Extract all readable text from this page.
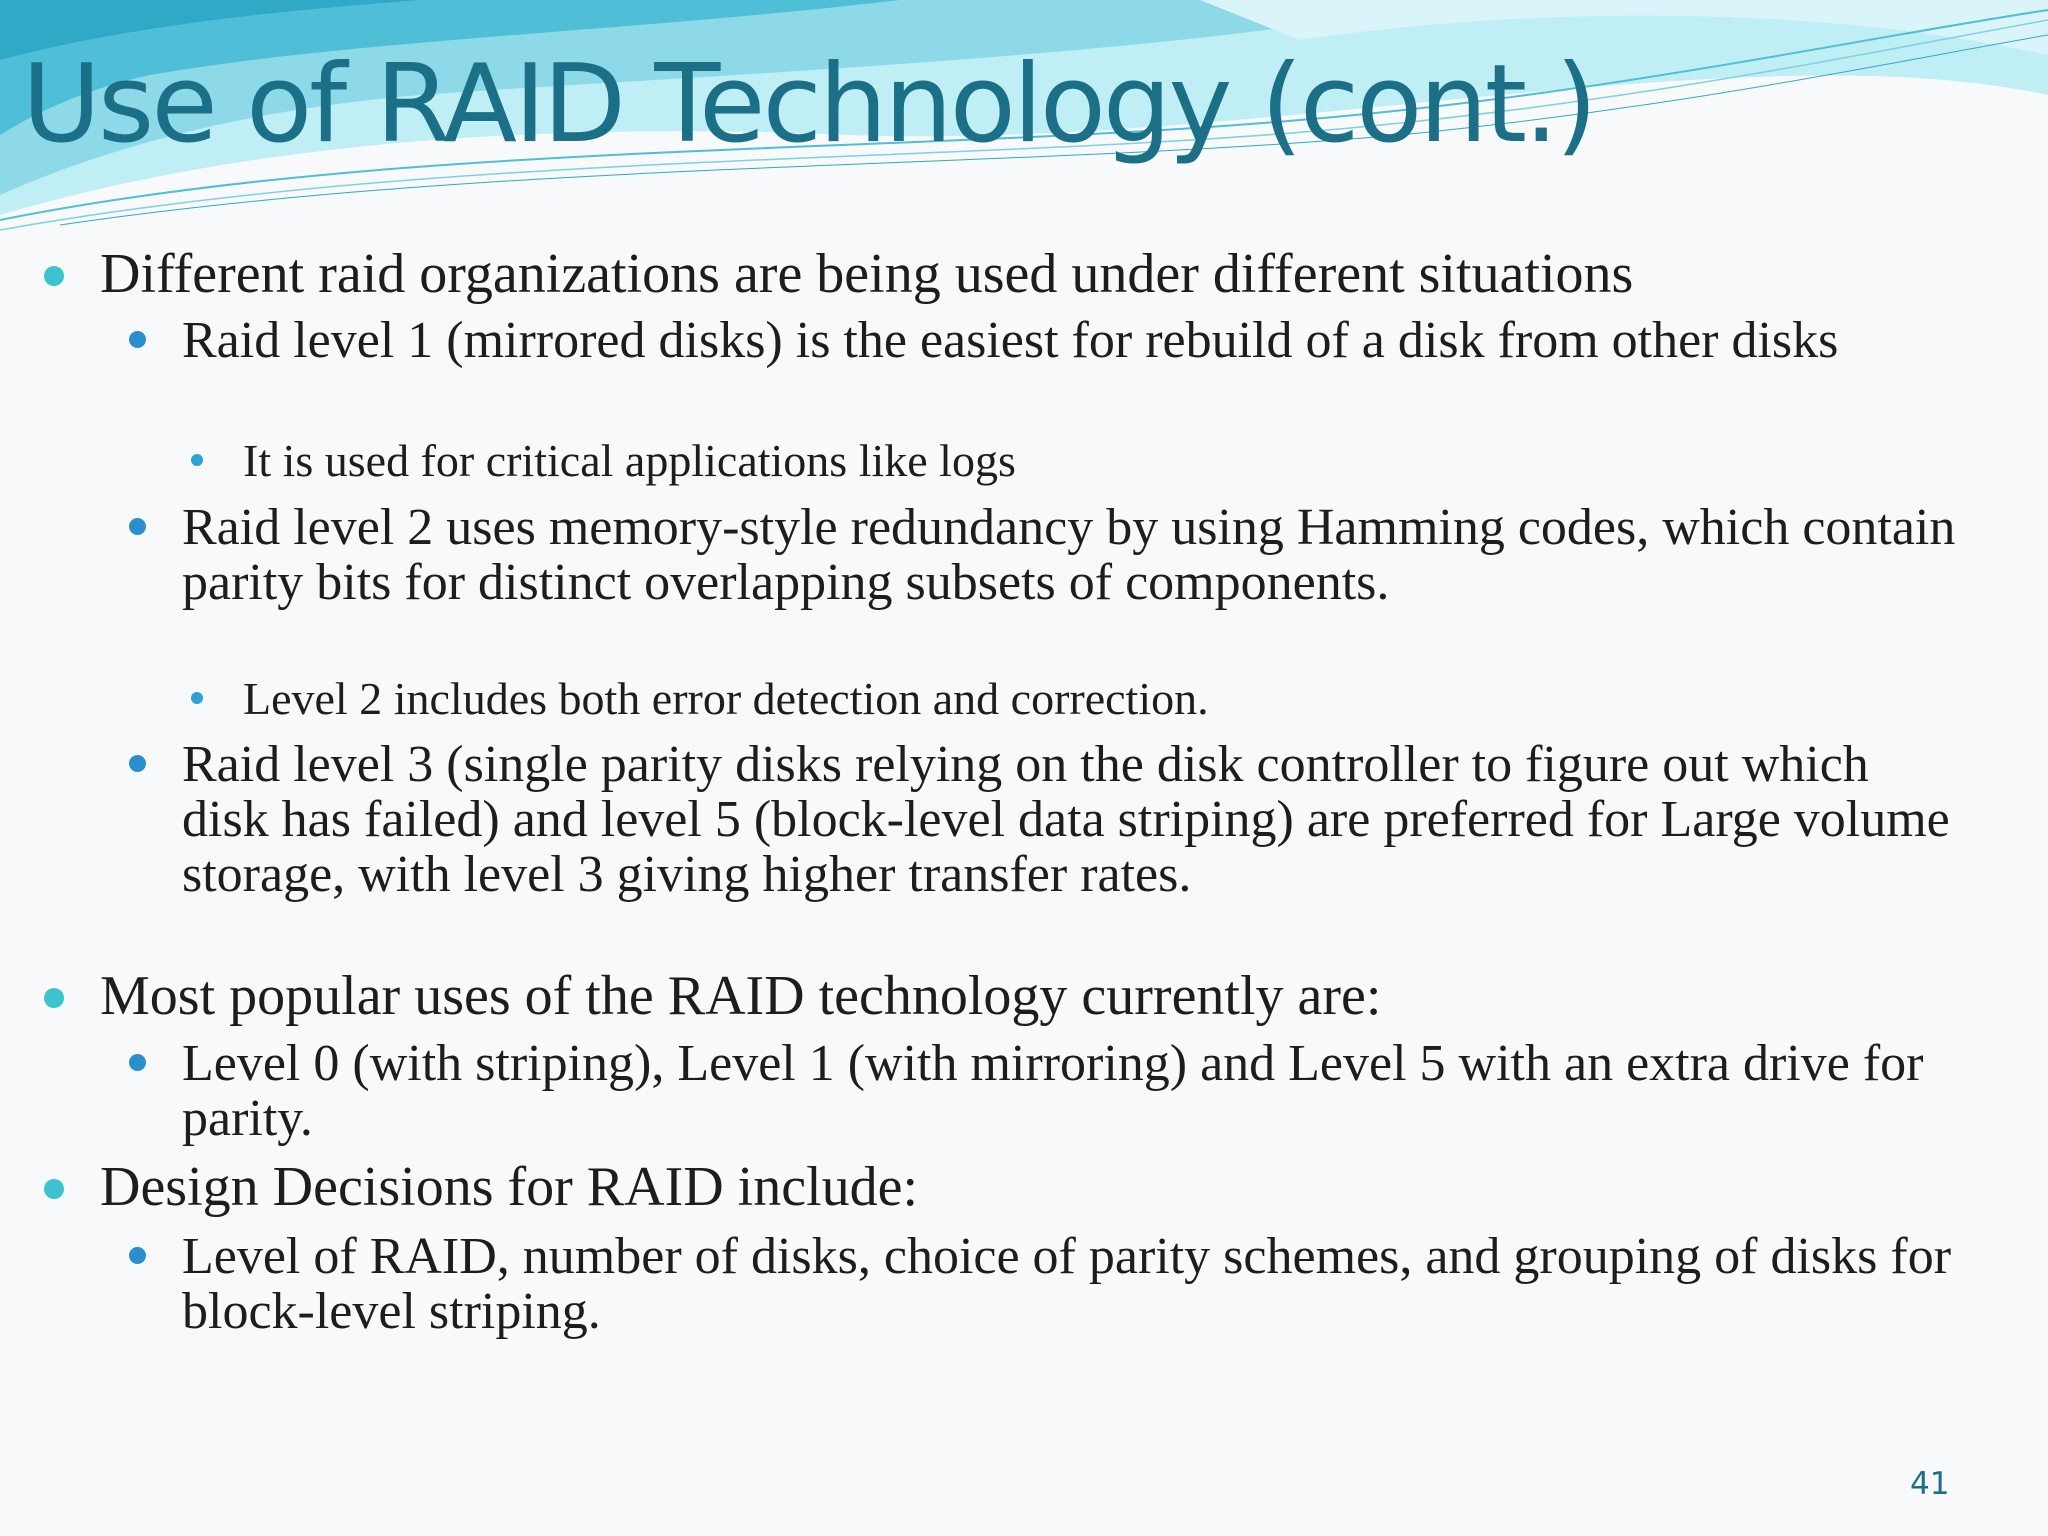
Use of RAID Technology (cont.)
Different raid organizations are being used under different situations
Raid level 1 (mirrored disks) is the easiest for rebuild of a disk from other disks
It is used for critical applications like logs
Raid level 2 uses memory-style redundancy by using Hamming codes, which contain parity bits for distinct overlapping subsets of components.
Level 2 includes both error detection and correction.
Raid level 3 (single parity disks relying on the disk controller to figure out which disk has failed) and level 5 (block-level data striping) are preferred for Large volume storage, with level 3 giving higher transfer rates.
Most popular uses of the RAID technology currently are:
Level 0 (with striping), Level 1 (with mirroring) and Level 5 with an extra drive for parity.
Design Decisions for RAID include:
Level of RAID, number of disks, choice of parity schemes, and grouping of disks for block-level striping.
41
